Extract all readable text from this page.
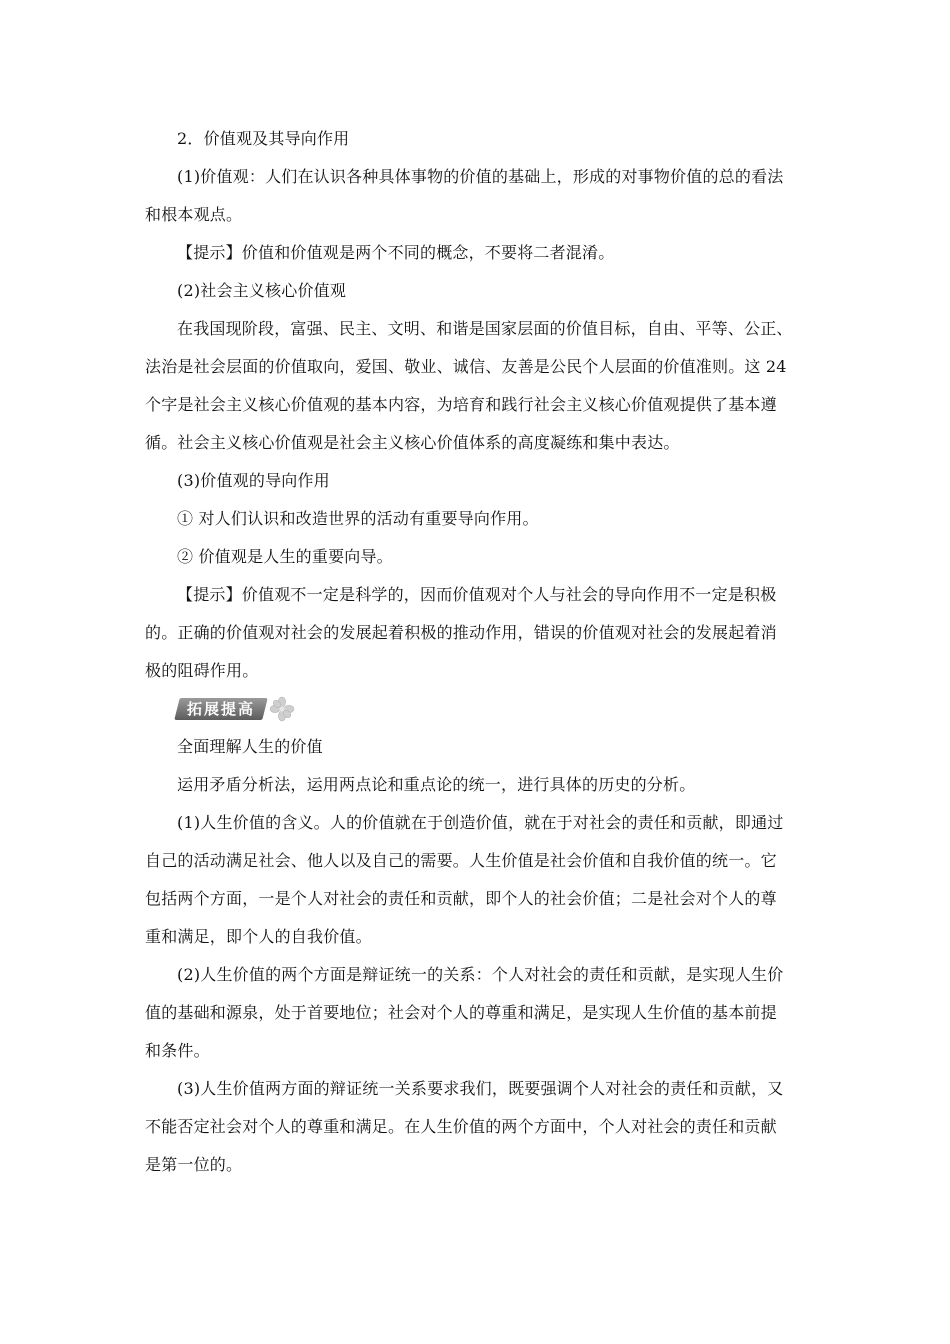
2．价值观及其导向作用
(1)价值观：人们在认识各种具体事物的价值的基础上，形成的对事物价值的总的看法
和根本观点。
【提示】价值和价值观是两个不同的概念，不要将二者混淆。
(2)社会主义核心价值观
在我国现阶段，富强、民主、文明、和谐是国家层面的价值目标，自由、平等、公正、
法治是社会层面的价值取向，爱国、敬业、诚信、友善是公民个人层面的价值准则。这 24
个字是社会主义核心价值观的基本内容，为培育和践行社会主义核心价值观提供了基本遵
循。社会主义核心价值观是社会主义核心价值体系的高度凝练和集中表达。
(3)价值观的导向作用
① 对人们认识和改造世界的活动有重要导向作用。
② 价值观是人生的重要向导。
【提示】价值观不一定是科学的，因而价值观对个人与社会的导向作用不一定是积极
的。正确的价值观对社会的发展起着积极的推动作用，错误的价值观对社会的发展起着消
极的阻碍作用。
拓展提高
全面理解人生的价值
运用矛盾分析法，运用两点论和重点论的统一，进行具体的历史的分析。
(1)人生价值的含义。人的价值就在于创造价值，就在于对社会的责任和贡献，即通过
自己的活动满足社会、他人以及自己的需要。人生价值是社会价值和自我价值的统一。它
包括两个方面，一是个人对社会的责任和贡献，即个人的社会价值；二是社会对个人的尊
重和满足，即个人的自我价值。
(2)人生价值的两个方面是辩证统一的关系：个人对社会的责任和贡献，是实现人生价
值的基础和源泉，处于首要地位；社会对个人的尊重和满足，是实现人生价值的基本前提
和条件。
(3)人生价值两方面的辩证统一关系要求我们，既要强调个人对社会的责任和贡献，又
不能否定社会对个人的尊重和满足。在人生价值的两个方面中，个人对社会的责任和贡献
是第一位的。
